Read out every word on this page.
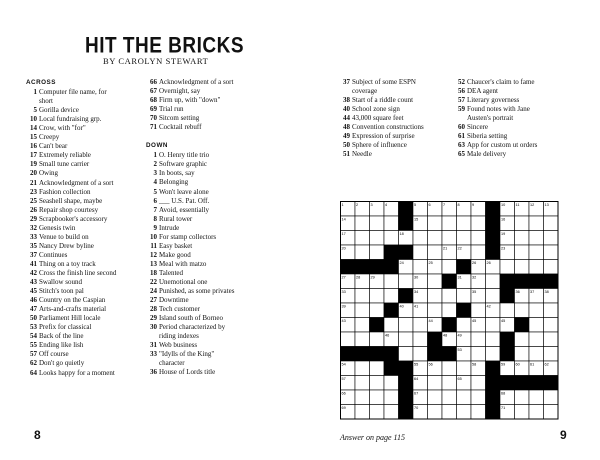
HIT THE BRICKS
BY CAROLYN STEWART
ACROSS
1 Computer file name, for
short
5 Gorilla device
10 Local fundraising grp.
14 Crow, with "for"
15 Creepy
16 Can't bear
17 Extremely reliable
19 Small tune carrier
20 Owing
21 Acknowledgment of a sort
23 Fashion collection
25 Seashell shape, maybe
26 Repair shop courtesy
29 Scrapbooker's accessory
32 Genesis twin
33 Venue to build on
35 Nancy Drew byline
37 Continues
41 Thing on a toy track
42 Cross the finish line second
43 Swallow sound
45 Stitch's toon pal
46 Country on the Caspian
47 Arts-and-crafts material
50 Parliament Hill locale
53 Prefix for classical
54 Back of the line
55 Ending like lish
57 Off course
62 Don't go quietly
64 Looks happy for a moment
66 Acknowledgment of a sort
67 Overnight, say
68 Firm up, with "down"
69 Trial run
70 Sitcom setting
71 Cocktail rebuff
DOWN
1 O. Henry title trio
2 Software graphic
3 In boots, say
4 Belonging
5 Won't leave alone
6 ___ U.S. Pat. Off.
7 Avoid, essentially
8 Rural tower
9 Intrude
10 For stamp collectors
11 Easy basket
12 Make good
13 Meal with matzo
18 Talented
22 Unemotional one
24 Punished, as some privates
27 Downtime
28 Tech customer
29 Island south of Borneo
30 Period characterized by
riding indexes
31 Web business
33 "Idylls of the King"
character
36 House of Lords title
37 Subject of some ESPN
coverage
38 Start of a riddle count
40 School zone sign
44 43,000 square feet
48 Convention constructions
49 Expression of surprise
50 Sphere of influence
51 Needle
52 Chaucer's claim to fame
56 DEA agent
57 Literary governess
59 Found notes with Jane
Austen's portrait
60 Sincere
61 Siberia setting
63 App for custom ut orders
65 Male delivery
1	2	3	4	5	6	7	8	9	10	11	12	13
14	15	16
17	18	19
20	21	22	23
24	25	26	26
27	28	29	30	31	32
33	34	35	36	37	38
39	40	41	42
43	44	45	45
46	48	49
50	51	52	53
54	55	56	58	59	60	61	62
57	64	65
66	67	68
69	70	71
8	Answer on page 115	9
